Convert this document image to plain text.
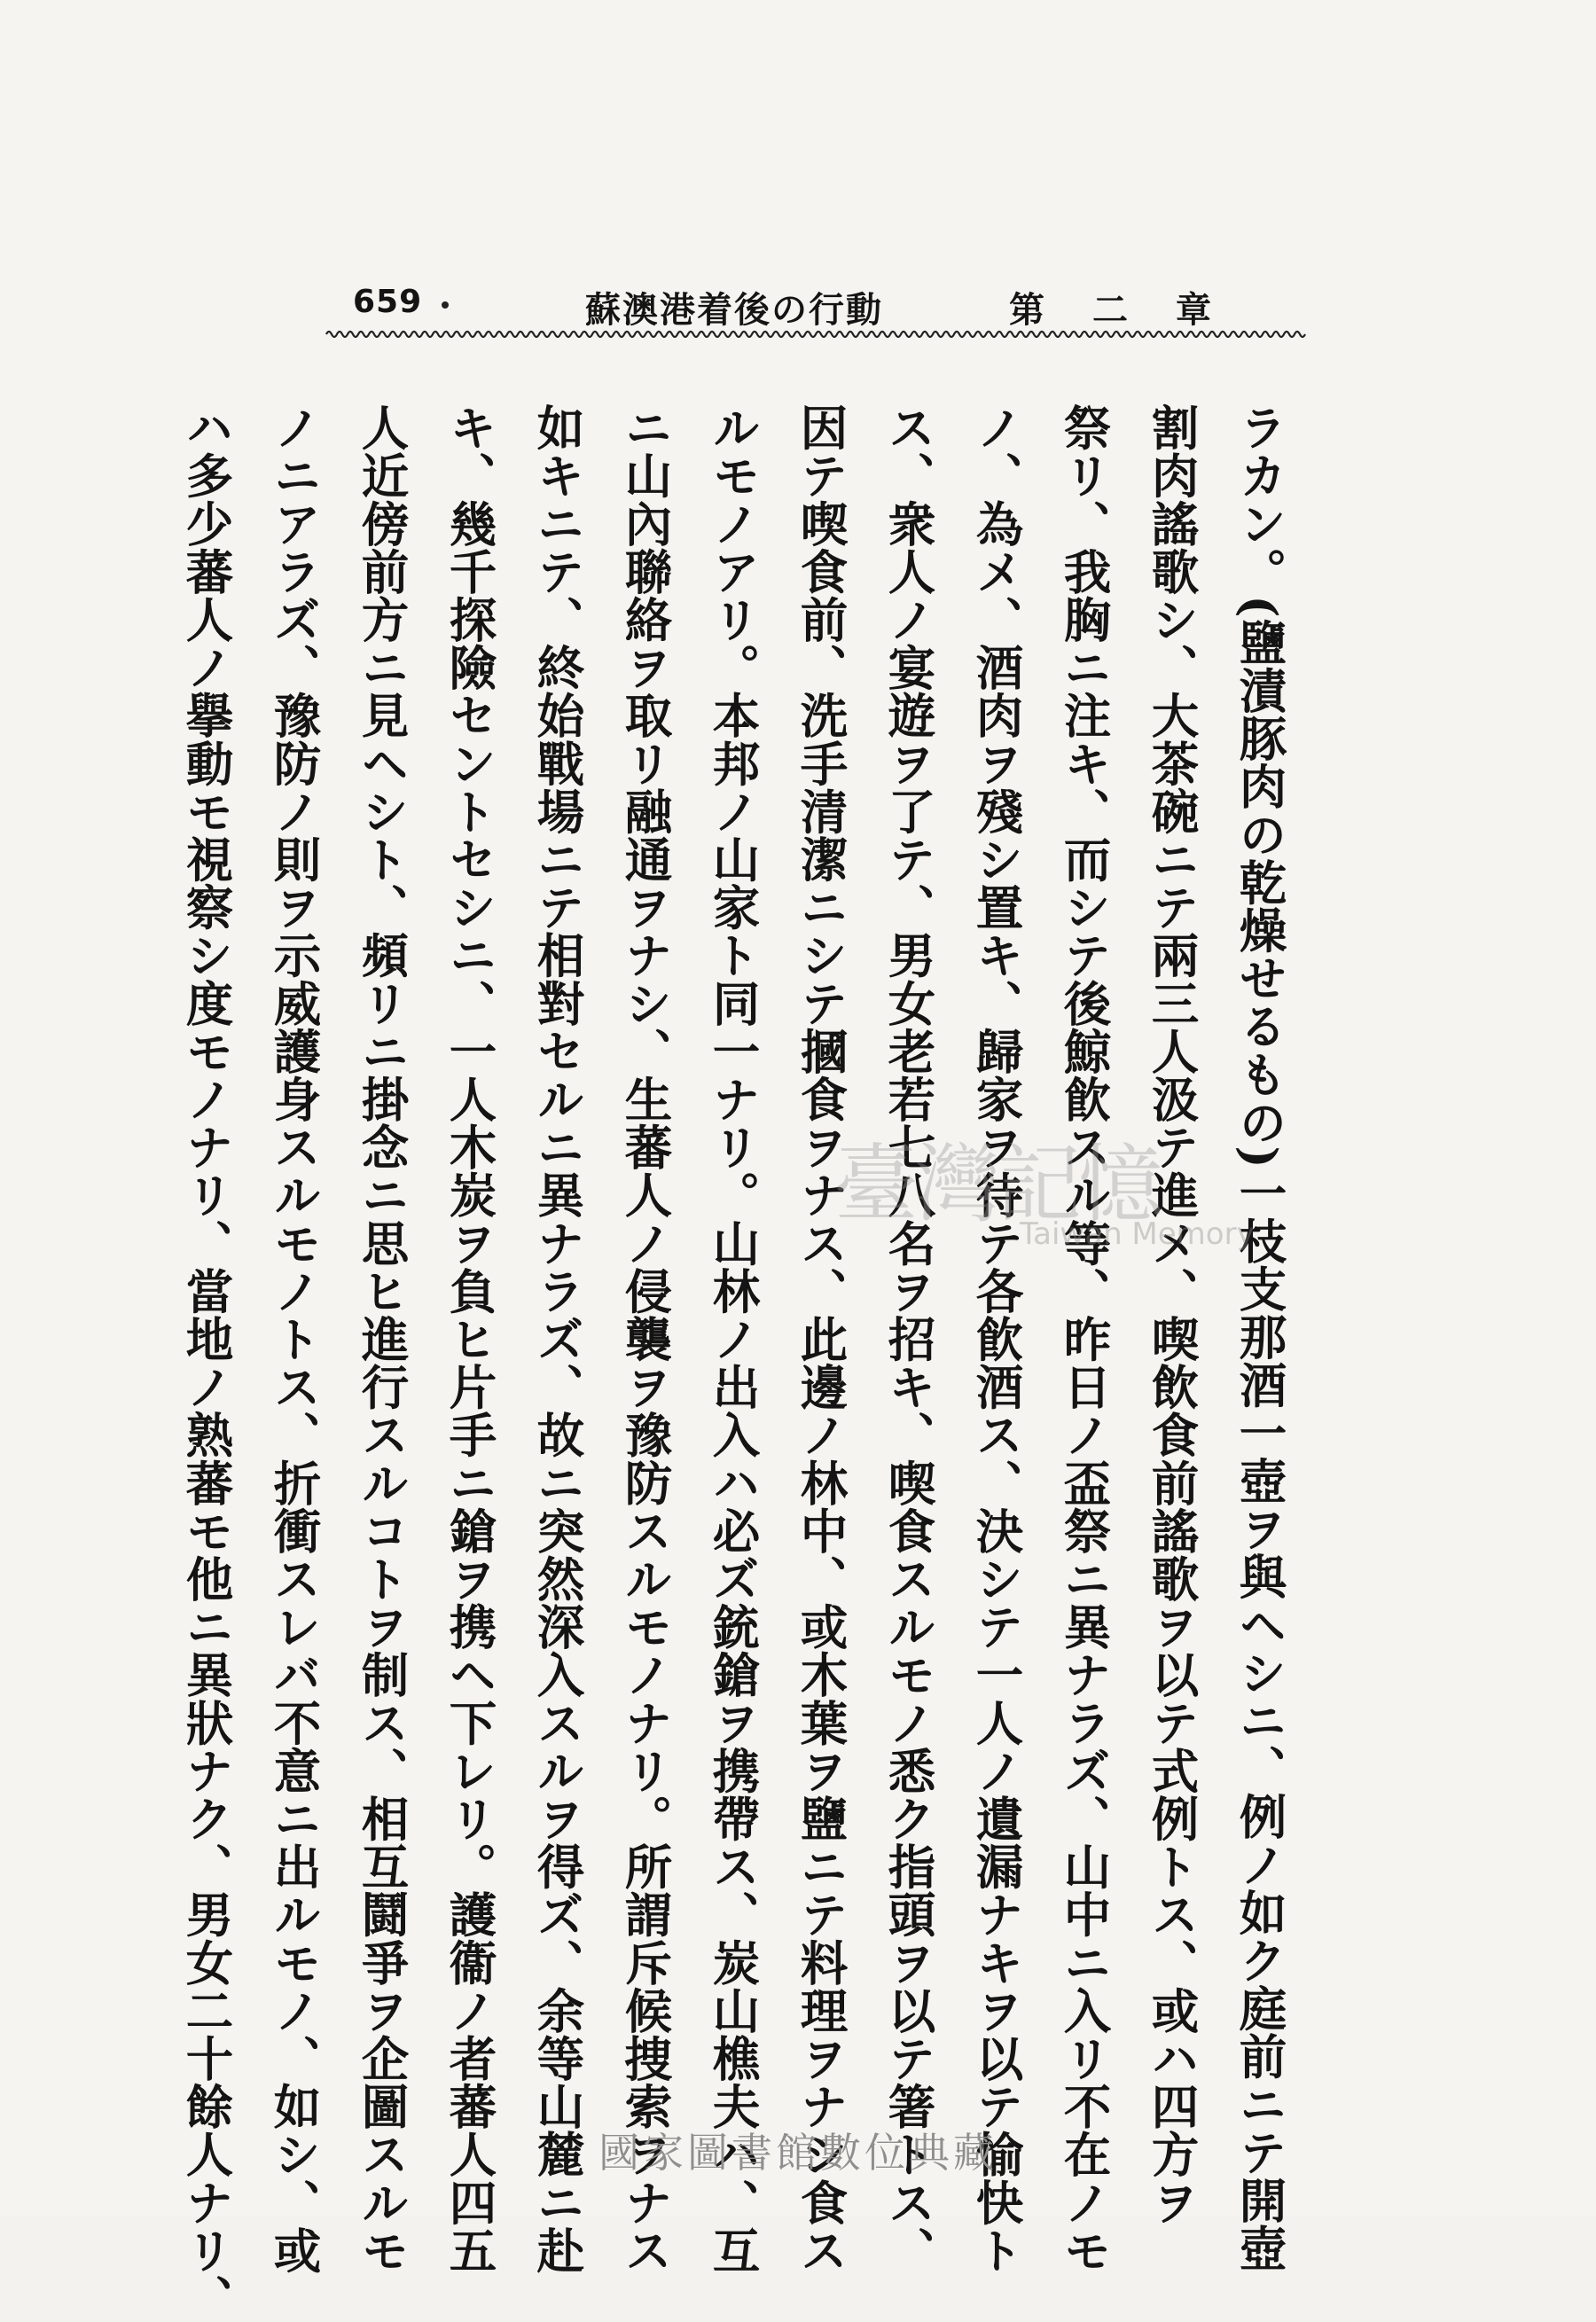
659	蘇澳港着後の行動	第二章
ラカン。(鹽漬豚肉の乾燥せるもの)一枝支那酒一壺ヲ與ヘシニ、例ノ如ク庭前ニテ開壺
割肉謠歌シ、大茶碗ニテ兩三人汲テ進メ、喫飲食前謠歌ヲ以テ式例トス、或ハ四方ヲ
祭リ、我胸ニ注キ、而シテ後鯨飮スル等、昨日ノ盃祭ニ異ナラズ、山中ニ入リ不在ノモ
ノ、為メ、酒肉ヲ殘シ置キ、歸家ヲ待テ各飮酒ス、決シテ一人ノ遺漏ナキヲ以テ愉快ト
ス、衆人ノ宴遊ヲ了テ、男女老若七八名ヲ招キ、喫食スルモノ悉ク指頭ヲ以テ箸トス、
因テ喫食前、洗手清潔ニシテ摑食ヲナス、此邊ノ林中、或木葉ヲ鹽ニテ料理ヲナシ食ス
ルモノアリ。本邦ノ山家ト同一ナリ。山林ノ出入ハ必ズ銃鎗ヲ携帶ス、炭山樵夫ハ、互
ニ山內聯絡ヲ取リ融通ヲナシ、生蕃人ノ侵襲ヲ豫防スルモノナリ。所謂斥候捜索ヲナス
如キニテ、終始戰場ニテ相對セルニ異ナラズ、故ニ突然深入スルヲ得ズ、余等山麓ニ赴
キ、幾千探險セントセシニ、一人木炭ヲ負ヒ片手ニ鎗ヲ携ヘ下レリ。護衞ノ者蕃人四五
人近傍前方ニ見ヘシト、頻リニ掛念ニ思ヒ進行スルコトヲ制ス、相互鬪爭ヲ企圖スルモ
ノニアラズ、豫防ノ則ヲ示威護身スルモノトス、折衝スレバ不意ニ出ルモノ、如シ、或
ハ多少蕃人ノ擧動モ視察シ度モノナリ、當地ノ熟蕃モ他ニ異狀ナク、男女二十餘人ナリ、	臺灣記憶
Taiwan Memory
國家圖書館數位典藏
